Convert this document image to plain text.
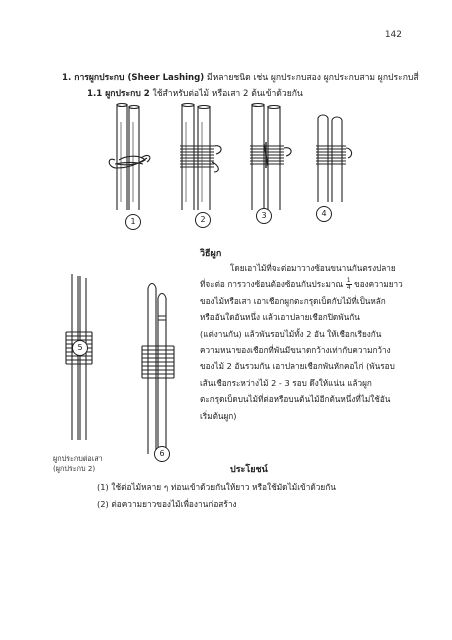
142
1. การผูกประกบ (Sheer Lashing) มีหลายชนิด เช่น ผูกประกบสอง ผูกประกบสาม ผูกประกบสี่
1.1 ผูกประกบ 2 ใช้สำหรับต่อไม้ หรือเสา 2 ต้นเข้าด้วยกัน
1	2	3	4
5
6
ผูกประกบต่อเสา
(ผูกประกบ 2)
วิธีผูก

โดยเอาไม้ที่จะต่อมาวางซ้อนขนานกันตรงปลาย

ที่จะต่อ การวางซ้อนต้องซ้อนกันประมาณ $\frac{1}{4}$ ของความยาว

ของไม้หรือเสา เอาเชือกผูกตะกรุดเบ็ดกับไม้ที่เป็นหลัก

หรืออันใดอันหนึ่ง แล้วเอาปลายเชือกปิดพันกัน

(แต่งานกัน) แล้วพันรอบไม้ทั้ง 2 อัน ให้เชือกเรียงกัน

ความหนาของเชือกที่พันมีขนาดกว้างเท่ากับความกว้าง

ของไม้ 2 อันรวมกัน เอาปลายเชือกพันหักคอไก่ (พันรอบ

เส้นเชือกระหว่างไม้ 2 - 3 รอบ ดึงให้แน่น แล้วผูก

ตะกรุดเบ็ดบนไม้ที่ต่อหรือบนต้นไม้อีกต้นหนึ่งที่ไม่ใช้อัน

เริ่มต้นผูก)

ประโยชน์
(1) ใช้ต่อไม้หลาย ๆ ท่อนเข้าด้วยกันให้ยาว หรือใช้มัดไม้เข้าด้วยกัน
(2) ต่อความยาวของไม้เพื่องานก่อสร้าง
